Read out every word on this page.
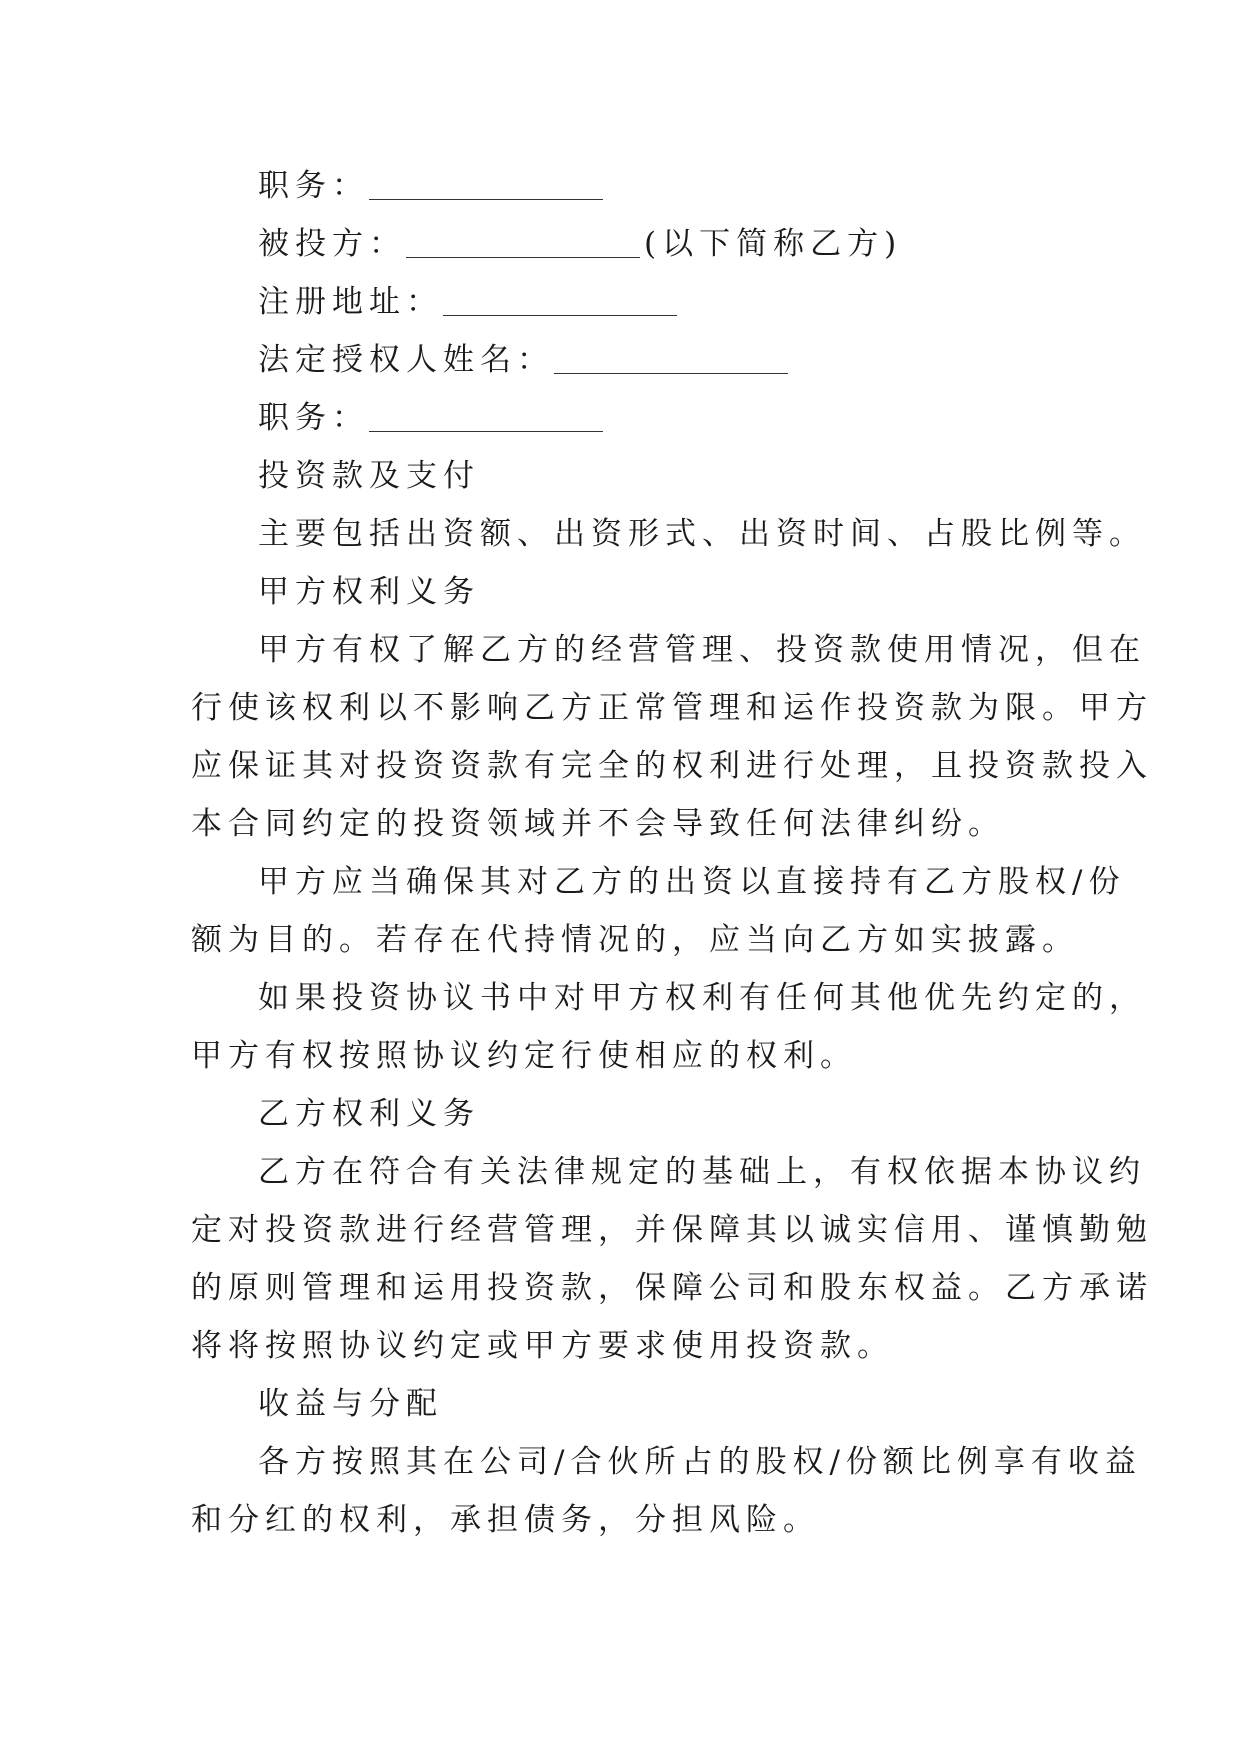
职务：
被投方：	(以下简称乙方)
注册地址：
法定授权人姓名：
职务：
投资款及支付
主要包括出资额、出资形式、出资时间、占股比例等。
甲方权利义务
甲方有权了解乙方的经营管理、投资款使用情况，但在
行使该权利以不影响乙方正常管理和运作投资款为限。甲方
应保证其对投资资款有完全的权利进行处理，且投资款投入
本合同约定的投资领域并不会导致任何法律纠纷。
甲方应当确保其对乙方的出资以直接持有乙方股权/份
额为目的。若存在代持情况的，应当向乙方如实披露。
如果投资协议书中对甲方权利有任何其他优先约定的，
甲方有权按照协议约定行使相应的权利。
乙方权利义务
乙方在符合有关法律规定的基础上，有权依据本协议约
定对投资款进行经营管理，并保障其以诚实信用、谨慎勤勉
的原则管理和运用投资款，保障公司和股东权益。乙方承诺
将将按照协议约定或甲方要求使用投资款。
收益与分配
各方按照其在公司/合伙所占的股权/份额比例享有收益
和分红的权利，承担债务，分担风险。
